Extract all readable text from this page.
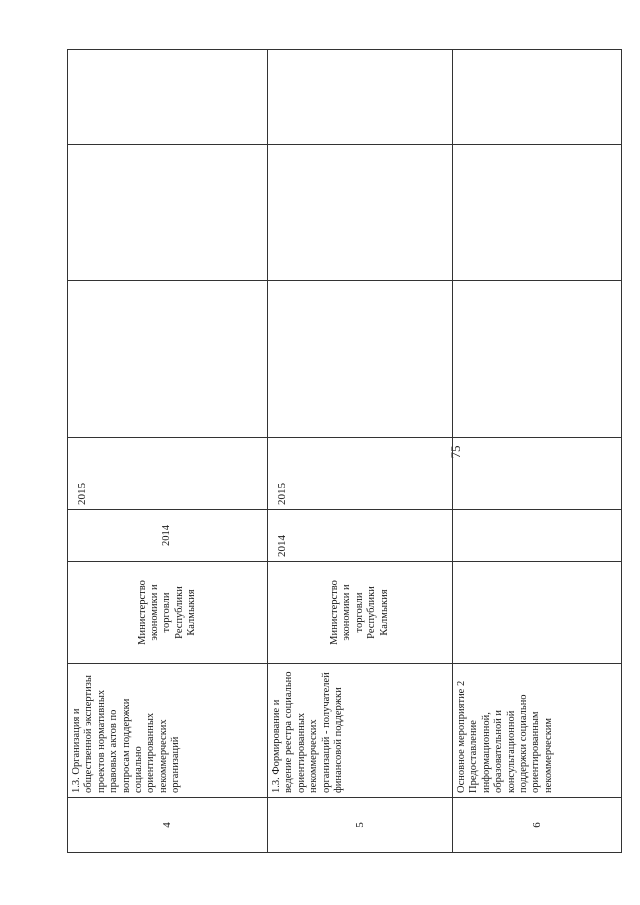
75
4	1.3. Организация и общественной экспертизы проектов нормативных правовых актов по вопросам поддержки социально ориентированных некоммерческих организаций	Министерство экономики и торговли Республики Калмыкия	2014	2015			
5	1.3. Формирование и ведение реестра социально ориентированных некоммерческих организаций - получателей финансовой поддержки	Министерство экономики и торговли Республики Калмыкия	2014	2015			
6	Основное мероприятие 2 Предоставление информационной, образовательной и консультационной поддержки социально ориентированным некоммерческим						
